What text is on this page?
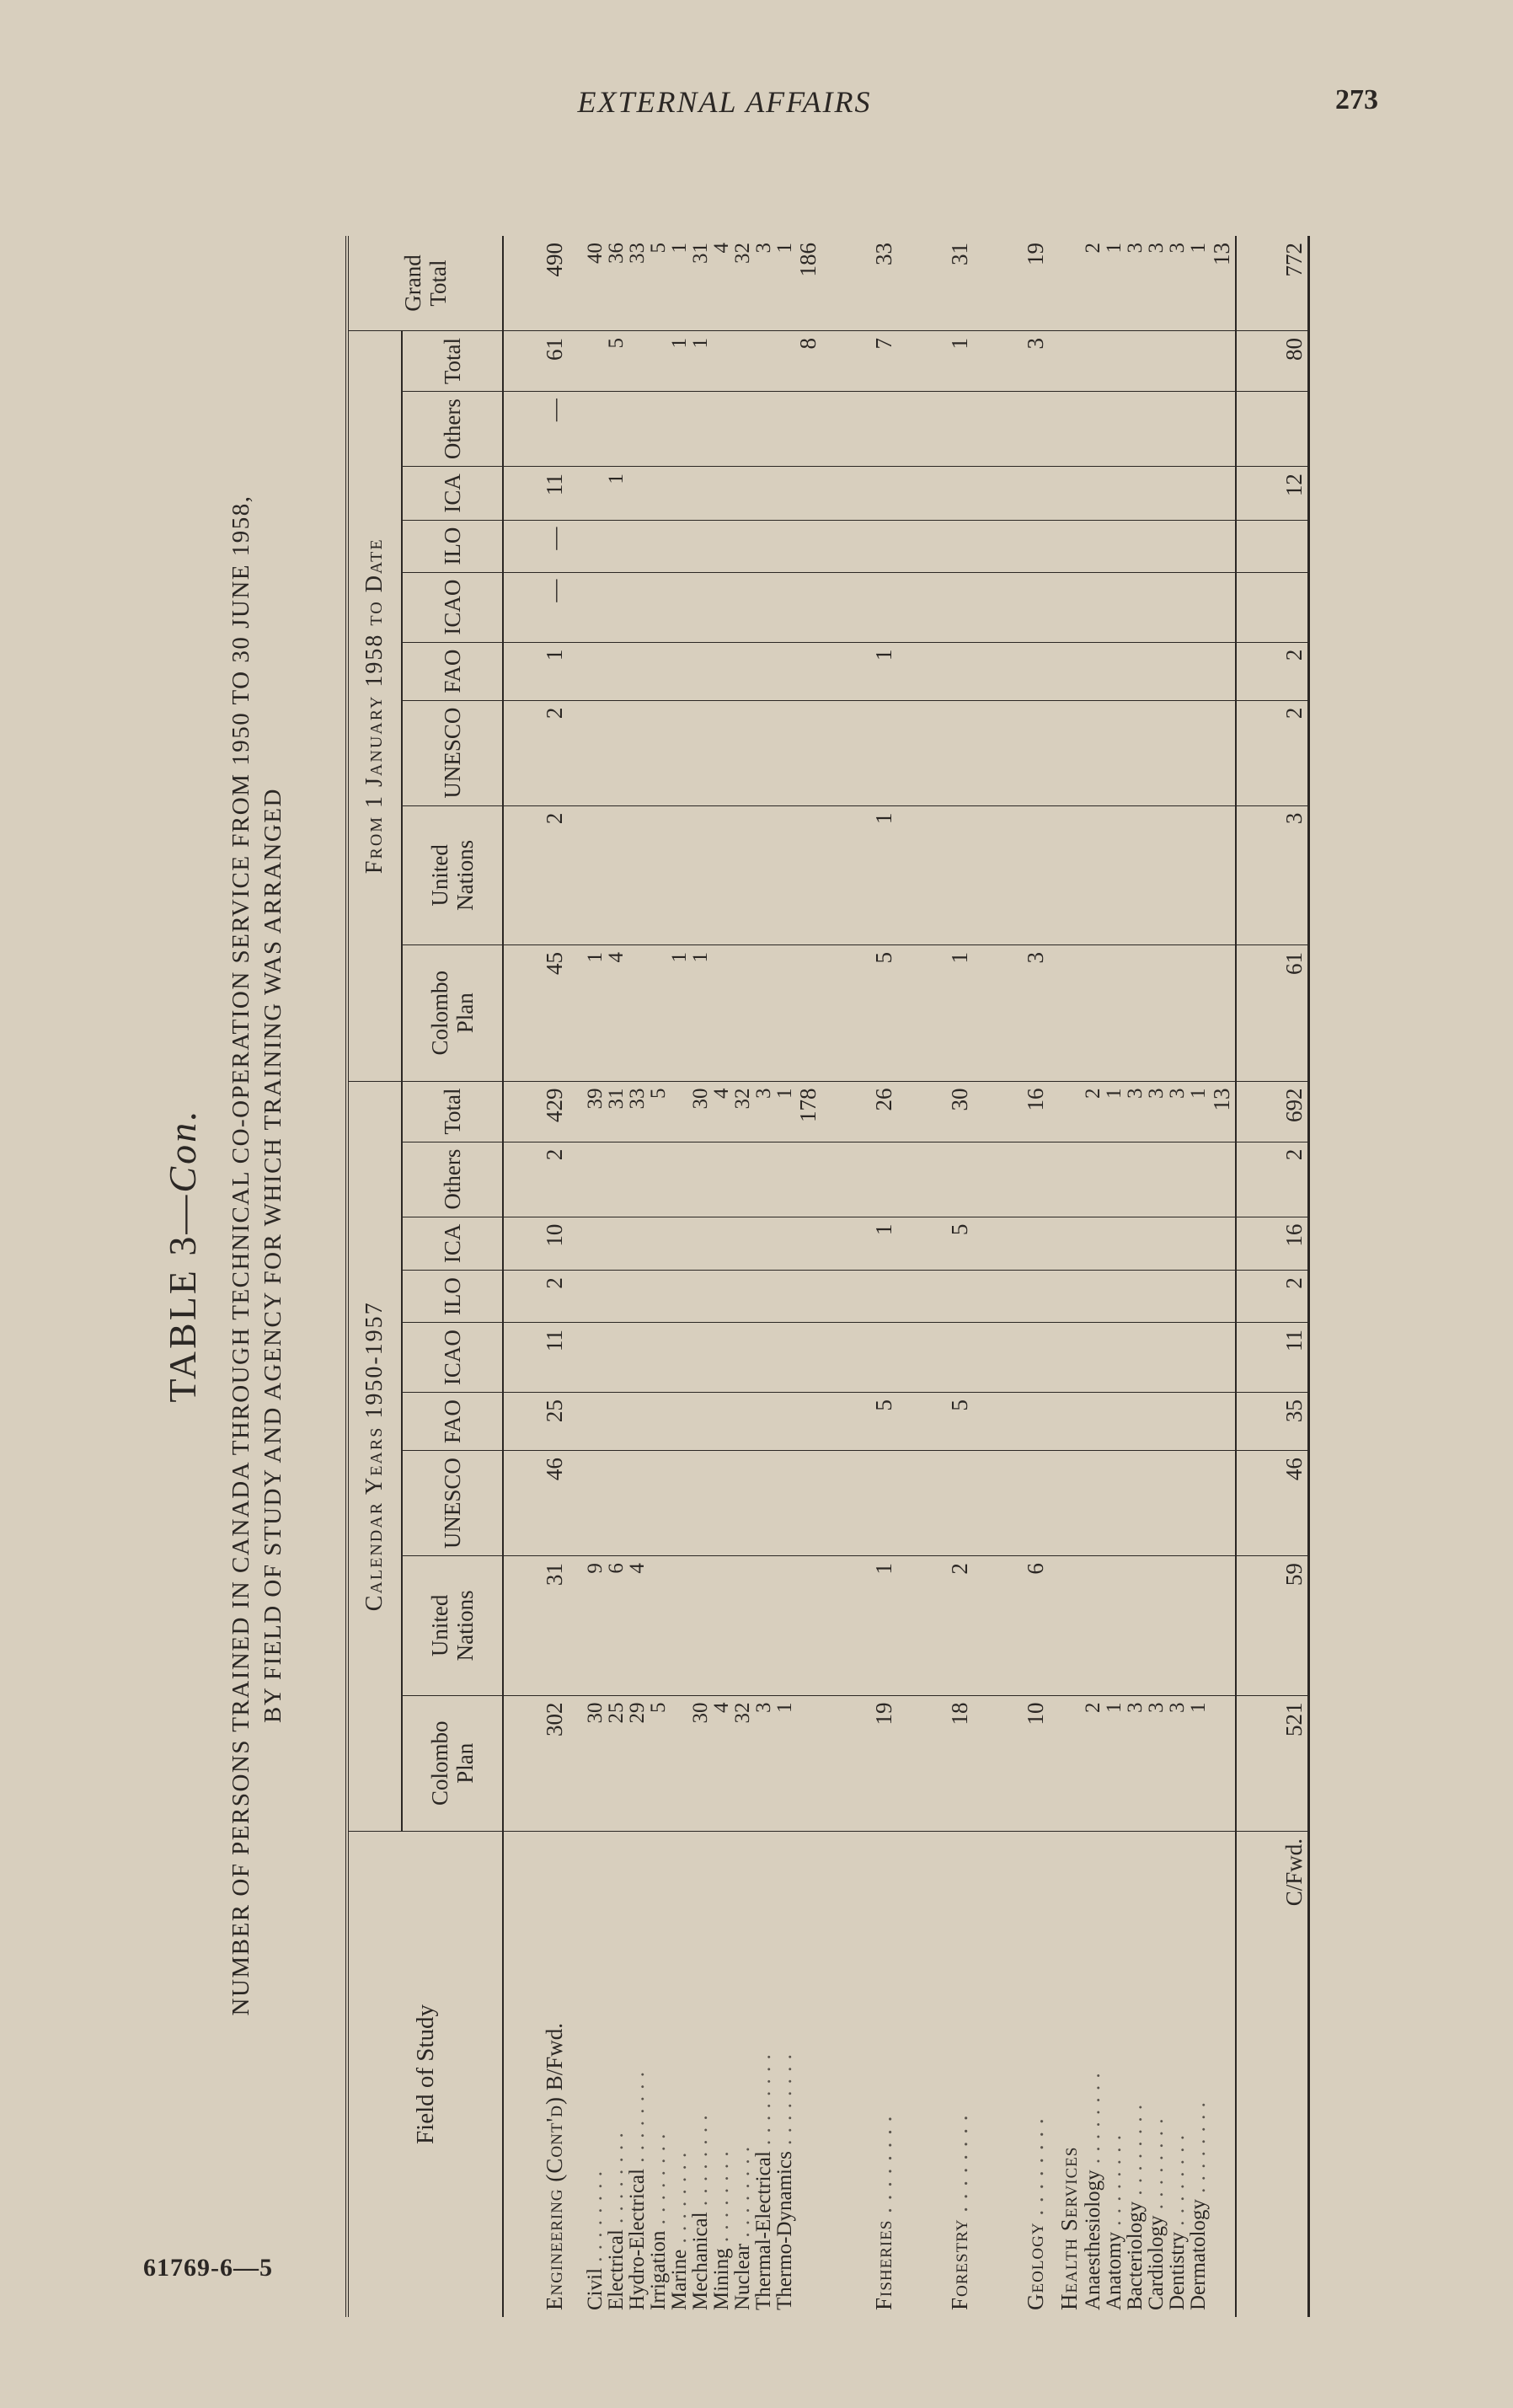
EXTERNAL AFFAIRS	273
TABLE 3—Con. NUMBER OF PERSONS TRAINED IN CANADA THROUGH TECHNICAL CO-OPERATION SERVICE FROM 1950 TO 30 JUNE 1958, BY FIELD OF STUDY AND AGENCY FOR WHICH TRAINING WAS ARRANGED
Field of Study	Calendar Years 1950-1957									From 1 January 1958 to Date									Grand Total
	Colombo Plan	United Nations	UNESCO	FAO	ICAO	ILO	ICA	Others	Total	Colombo Plan	United Nations	UNESCO	FAO	ICAO	ILO	ICA	Others	Total	
Engineering (Cont'd) B/Fwd.	302	31	46	25	11	2	10	2	429	45	2	2	1	—	—	11	—	61	490
Civil . . . . . . . .	30	9							39	1									40
Electrical . . . . . . . .	25	6							31	4						1		5	36
Hydro-Electrical . . . . . . . .	29	4							33										33
Irrigation . . . . . . . .	5								5										5
Marine . . . . . . . .										1								1	1
Mechanical . . . . . . . .	30								30	1								1	31
Mining . . . . . . . .	4								4										4
Nuclear . . . . . . . .	32								32										32
Thermal-Electrical . . . . . . . .	3								3										3
Thermo-Dynamics . . . . . . . .	1								1										1
									178									8	186
Fisheries . . . . . . . .	19	1		5			1		26	5	1		1					7	33
Forestry . . . . . . . .	18	2		5			5		30	1								1	31
Geology . . . . . . . .	10	6							16	3								3	19
Health Services																			
Anaesthesiology . . . . . . . .	2								2										2
Anatomy . . . . . . . .	1								1										1
Bacteriology . . . . . . . .	3								3										3
Cardiology . . . . . . . .	3								3										3
Dentistry . . . . . . . .	3								3										3
Dermatology . . . . . . . .	1								1										1
									13										13
C/Fwd.	521	59	46	35	11	2	16	2	692	61	3	2	2			12		80	772
61769-6—5
